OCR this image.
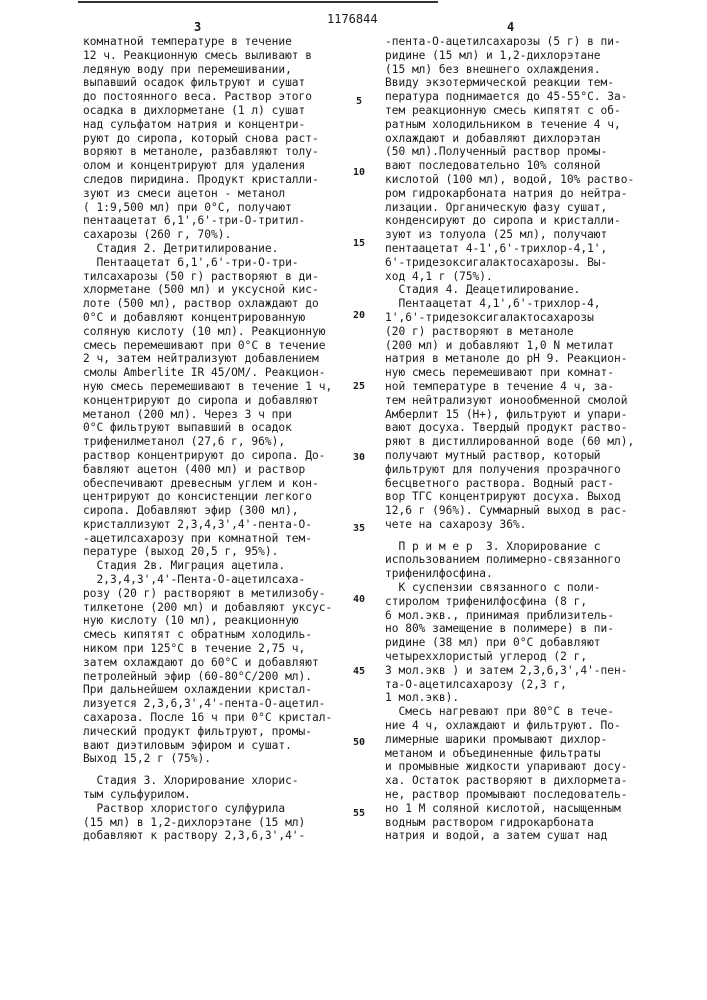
3
1176844
4
комнатной температуре в течение
12 ч. Реакционную смесь выливают в
ледяную воду при перемешивании,
выпавший осадок фильтруют и сушат
до постоянного веса. Раствор этого
осадка в дихлорметане (1 л) сушат
над сульфатом натрия и концентри-
руют до сиропа, который снова раст-
воряют в метаноле, разбавляют толу-
олом и концентрируют для удаления
следов пиридина. Продукт кристалли-
зуют из смеси ацетон - метанол
( 1:9,500 мл) при 0°С, получают
пентаацетат 6,1',6'-три-О-тритил-
сахарозы (260 г, 70%).
Стадия 2. Детритилирование.
Пентаацетат 6,1',6'-три-О-три-
тилсахарозы (50 г) растворяют в ди-
хлорметане (500 мл) и уксусной кис-
лоте (500 мл), раствор охлаждают до
0°С и добавляют концентрированную
соляную кислоту (10 мл). Реакционную
смесь перемешивают при 0°С в течение
2 ч, затем нейтрализуют добавлением
смолы Amberlite IR 45/OM/. Реакцион-
ную смесь перемешивают в течение 1 ч,
концентрируют до сиропа и добавляют
метанол (200 мл). Через 3 ч при
0°С фильтруют выпавший в осадок
трифенилметанол (27,6 г, 96%),
раствор концентрируют до сиропа. До-
бавляют ацетон (400 мл) и раствор
обеспечивают древесным углем и кон-
центрируют до консистенции легкого
сиропа. Добавляют эфир (300 мл),
кристаллизуют 2,3,4,3',4'-пента-О-
-ацетилсахарозу при комнатной тем-
пературе (выход 20,5 г, 95%).
Стадия 2в. Миграция ацетила.
2,3,4,3',4'-Пента-О-ацетилсаха-
розу (20 г) растворяют в метилизобу-
тилкетоне (200 мл) и добавляют уксус-
ную кислоту (10 мл), реакционную
смесь кипятят с обратным холодиль-
ником при 125°С в течение 2,75 ч,
затем охлаждают до 60°С и добавляют
петролейный эфир (60-80°С/200 мл).
При дальнейшем охлаждении кристал-
лизуется 2,3,6,3',4'-пента-О-ацетил-
сахароза. После 16 ч при 0°С кристал-
лический продукт фильтруют, промы-
вают диэтиловым эфиром и сушат.
Выход 15,2 г (75%).
Стадия 3. Хлорирование хлорис-
тым сульфурилом.
Раствор хлористого сулфурила
(15 мл) в 1,2-дихлорэтане (15 мл)
добавляют к раствору 2,3,6,3',4'-
-пента-О-ацетилсахарозы (5 г) в пи-
ридине (15 мл) и 1,2-дихлорэтане
(15 мл) без внешнего охлаждения.
Ввиду экзотермической реакции тем-
пература поднимается до 45-55°С. За-
тем реакционную смесь кипятят с об-
ратным холодильником в течение 4 ч,
охлаждают и добавляют дихлорэтан
(50 мл).Полученный раствор промы-
вают последовательно 10% соляной
кислотой (100 мл), водой, 10% раство-
ром гидрокарбоната натрия до нейтра-
лизации. Органическую фазу сушат,
конденсируют до сиропа и кристалли-
зуют из толуола (25 мл), получают
пентаацетат 4-1',6'-трихлор-4,1',
6'-тридезоксигалактосахарозы. Вы-
ход 4,1 г (75%).
Стадия 4. Деацетилирование.
Пентаацетат 4,1',6'-трихлор-4,
1',6'-тридезоксигалактосахарозы
(20 г) растворяют в метаноле
(200 мл) и добавляют 1,0 N метилат
натрия в метаноле до рН 9. Реакцион-
ную смесь перемешивают при комнат-
ной температуре в течение 4 ч, за-
тем нейтрализуют ионообменной смолой
Амберлит 15 (Н+), фильтруют и упари-
вают досуха. Твердый продукт раство-
ряют в дистиллированной воде (60 мл),
получают мутный раствор, который
фильтруют для получения прозрачного
бесцветного раствора. Водный раст-
вор ТГС концентрируют досуха. Выход
12,6 г (96%). Суммарный выход в рас-
чете на сахарозу 36%.
П р и м е р  3. Хлорирование с
использованием полимерно-связанного
трифенилфосфина.
К суспензии связанного с поли-
стиролом трифенилфосфина (8 г,
6 мол.экв., принимая приблизитель-
но 80% замещение в полимере) в пи-
ридине (38 мл) при 0°С добавляют
четыреххлористый углерод (2 г,
3 мол.экв ) и затем 2,3,6,3',4'-пен-
та-О-ацетилсахарозу (2,3 г,
1 мол.экв).
Смесь нагревают при 80°С в тече-
ние 4 ч, охлаждают и фильтруют. По-
лимерные шарики промывают дихлор-
метаном и объединенные фильтраты
и промывные жидкости упаривают досу-
ха. Остаток растворяют в дихлормета-
не, раствор промывают последователь-
но 1 М соляной кислотой, насыщенным
водным раствором гидрокарбоната
натрия и водой, а затем сушат над
5
10
15
20
25
30
35
40
45
50
55
